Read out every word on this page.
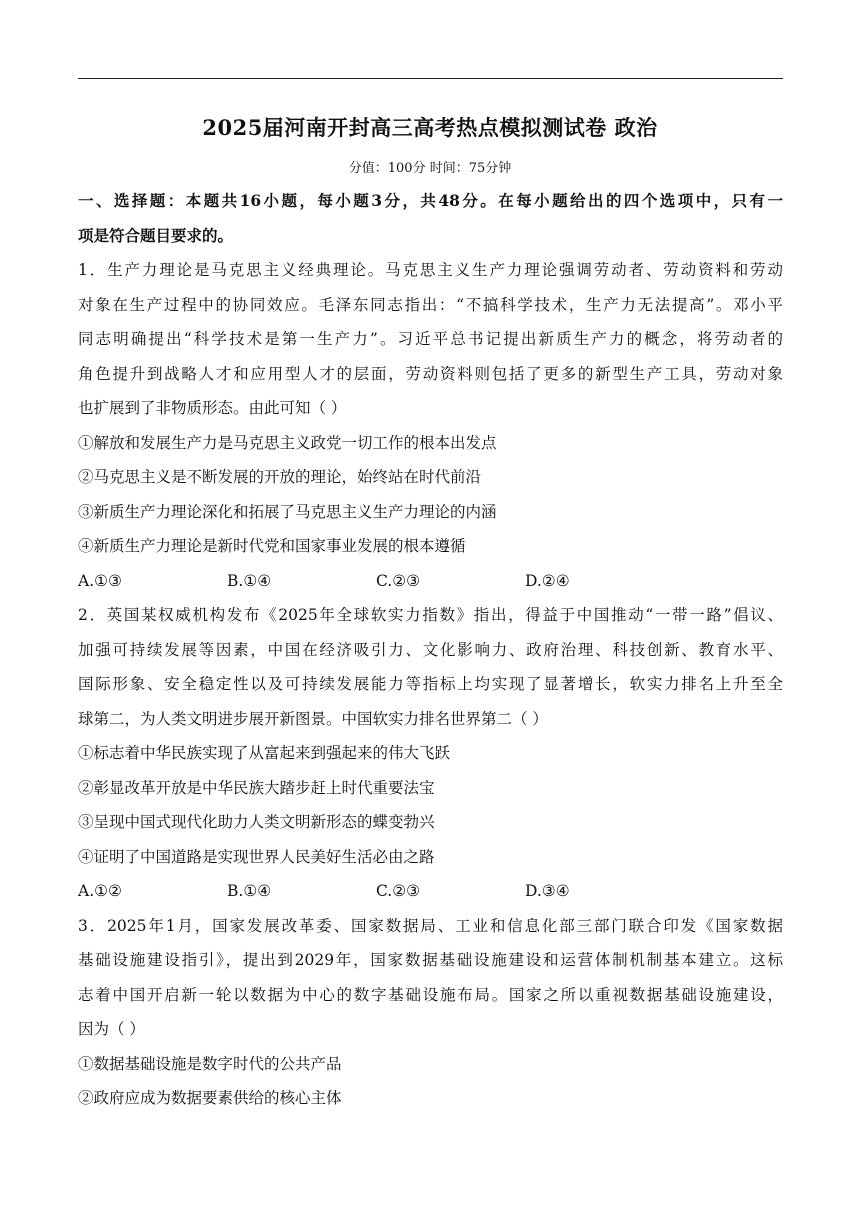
2025届河南开封高三高考热点模拟测试卷 政治
分值：100分 时间：75分钟
一、选择题：本题共16小题，每小题3分，共48分。在每小题给出的四个选项中，只有一
项是符合题目要求的。
1．生产力理论是马克思主义经典理论。马克思主义生产力理论强调劳动者、劳动资料和劳动
对象在生产过程中的协同效应。毛泽东同志指出：“不搞科学技术，生产力无法提高”。邓小平
同志明确提出“科学技术是第一生产力”。习近平总书记提出新质生产力的概念，将劳动者的
角色提升到战略人才和应用型人才的层面，劳动资料则包括了更多的新型生产工具，劳动对象
也扩展到了非物质形态。由此可知（ ）
①解放和发展生产力是马克思主义政党一切工作的根本出发点
②马克思主义是不断发展的开放的理论，始终站在时代前沿
③新质生产力理论深化和拓展了马克思主义生产力理论的内涵
④新质生产力理论是新时代党和国家事业发展的根本遵循
A.①③	B.①④	C.②③	D.②④
2．英国某权威机构发布《2025年全球软实力指数》指出，得益于中国推动“一带一路”倡议、
加强可持续发展等因素，中国在经济吸引力、文化影响力、政府治理、科技创新、教育水平、
国际形象、安全稳定性以及可持续发展能力等指标上均实现了显著增长，软实力排名上升至全
球第二，为人类文明进步展开新图景。中国软实力排名世界第二（ ）
①标志着中华民族实现了从富起来到强起来的伟大飞跃
②彰显改革开放是中华民族大踏步赶上时代重要法宝
③呈现中国式现代化助力人类文明新形态的蝶变勃兴
④证明了中国道路是实现世界人民美好生活必由之路
A.①②	B.①④	C.②③	D.③④
3．2025年1月，国家发展改革委、国家数据局、工业和信息化部三部门联合印发《国家数据
基础设施建设指引》，提出到2029年，国家数据基础设施建设和运营体制机制基本建立。这标
志着中国开启新一轮以数据为中心的数字基础设施布局。国家之所以重视数据基础设施建设，
因为（ ）
①数据基础设施是数字时代的公共产品
②政府应成为数据要素供给的核心主体
